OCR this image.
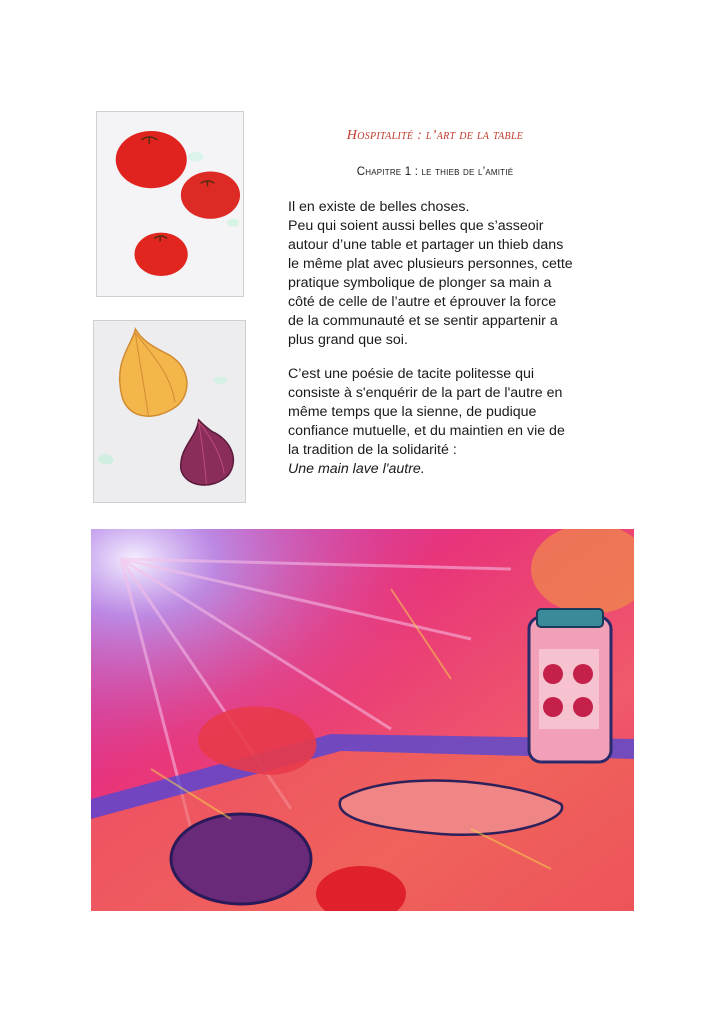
Hospitalité : l’art de la table
Chapitre 1 : le thieb de l’amitié
Il en existe de belles choses.
Peu qui soient aussi belles que s’asseoir
autour d’une table et partager un thieb dans
le même plat avec plusieurs personnes, cette
pratique symbolique de plonger sa main a
côté de celle de l’autre et éprouver la force
de la communauté et se sentir appartenir a
plus grand que soi.
C’est une poésie de tacite politesse qui
consiste à s'enquérir de la part de l'autre en
même temps que la sienne, de pudique
confiance mutuelle, et du maintien en vie de
la tradition de la solidarité :
Une main lave l'autre.
